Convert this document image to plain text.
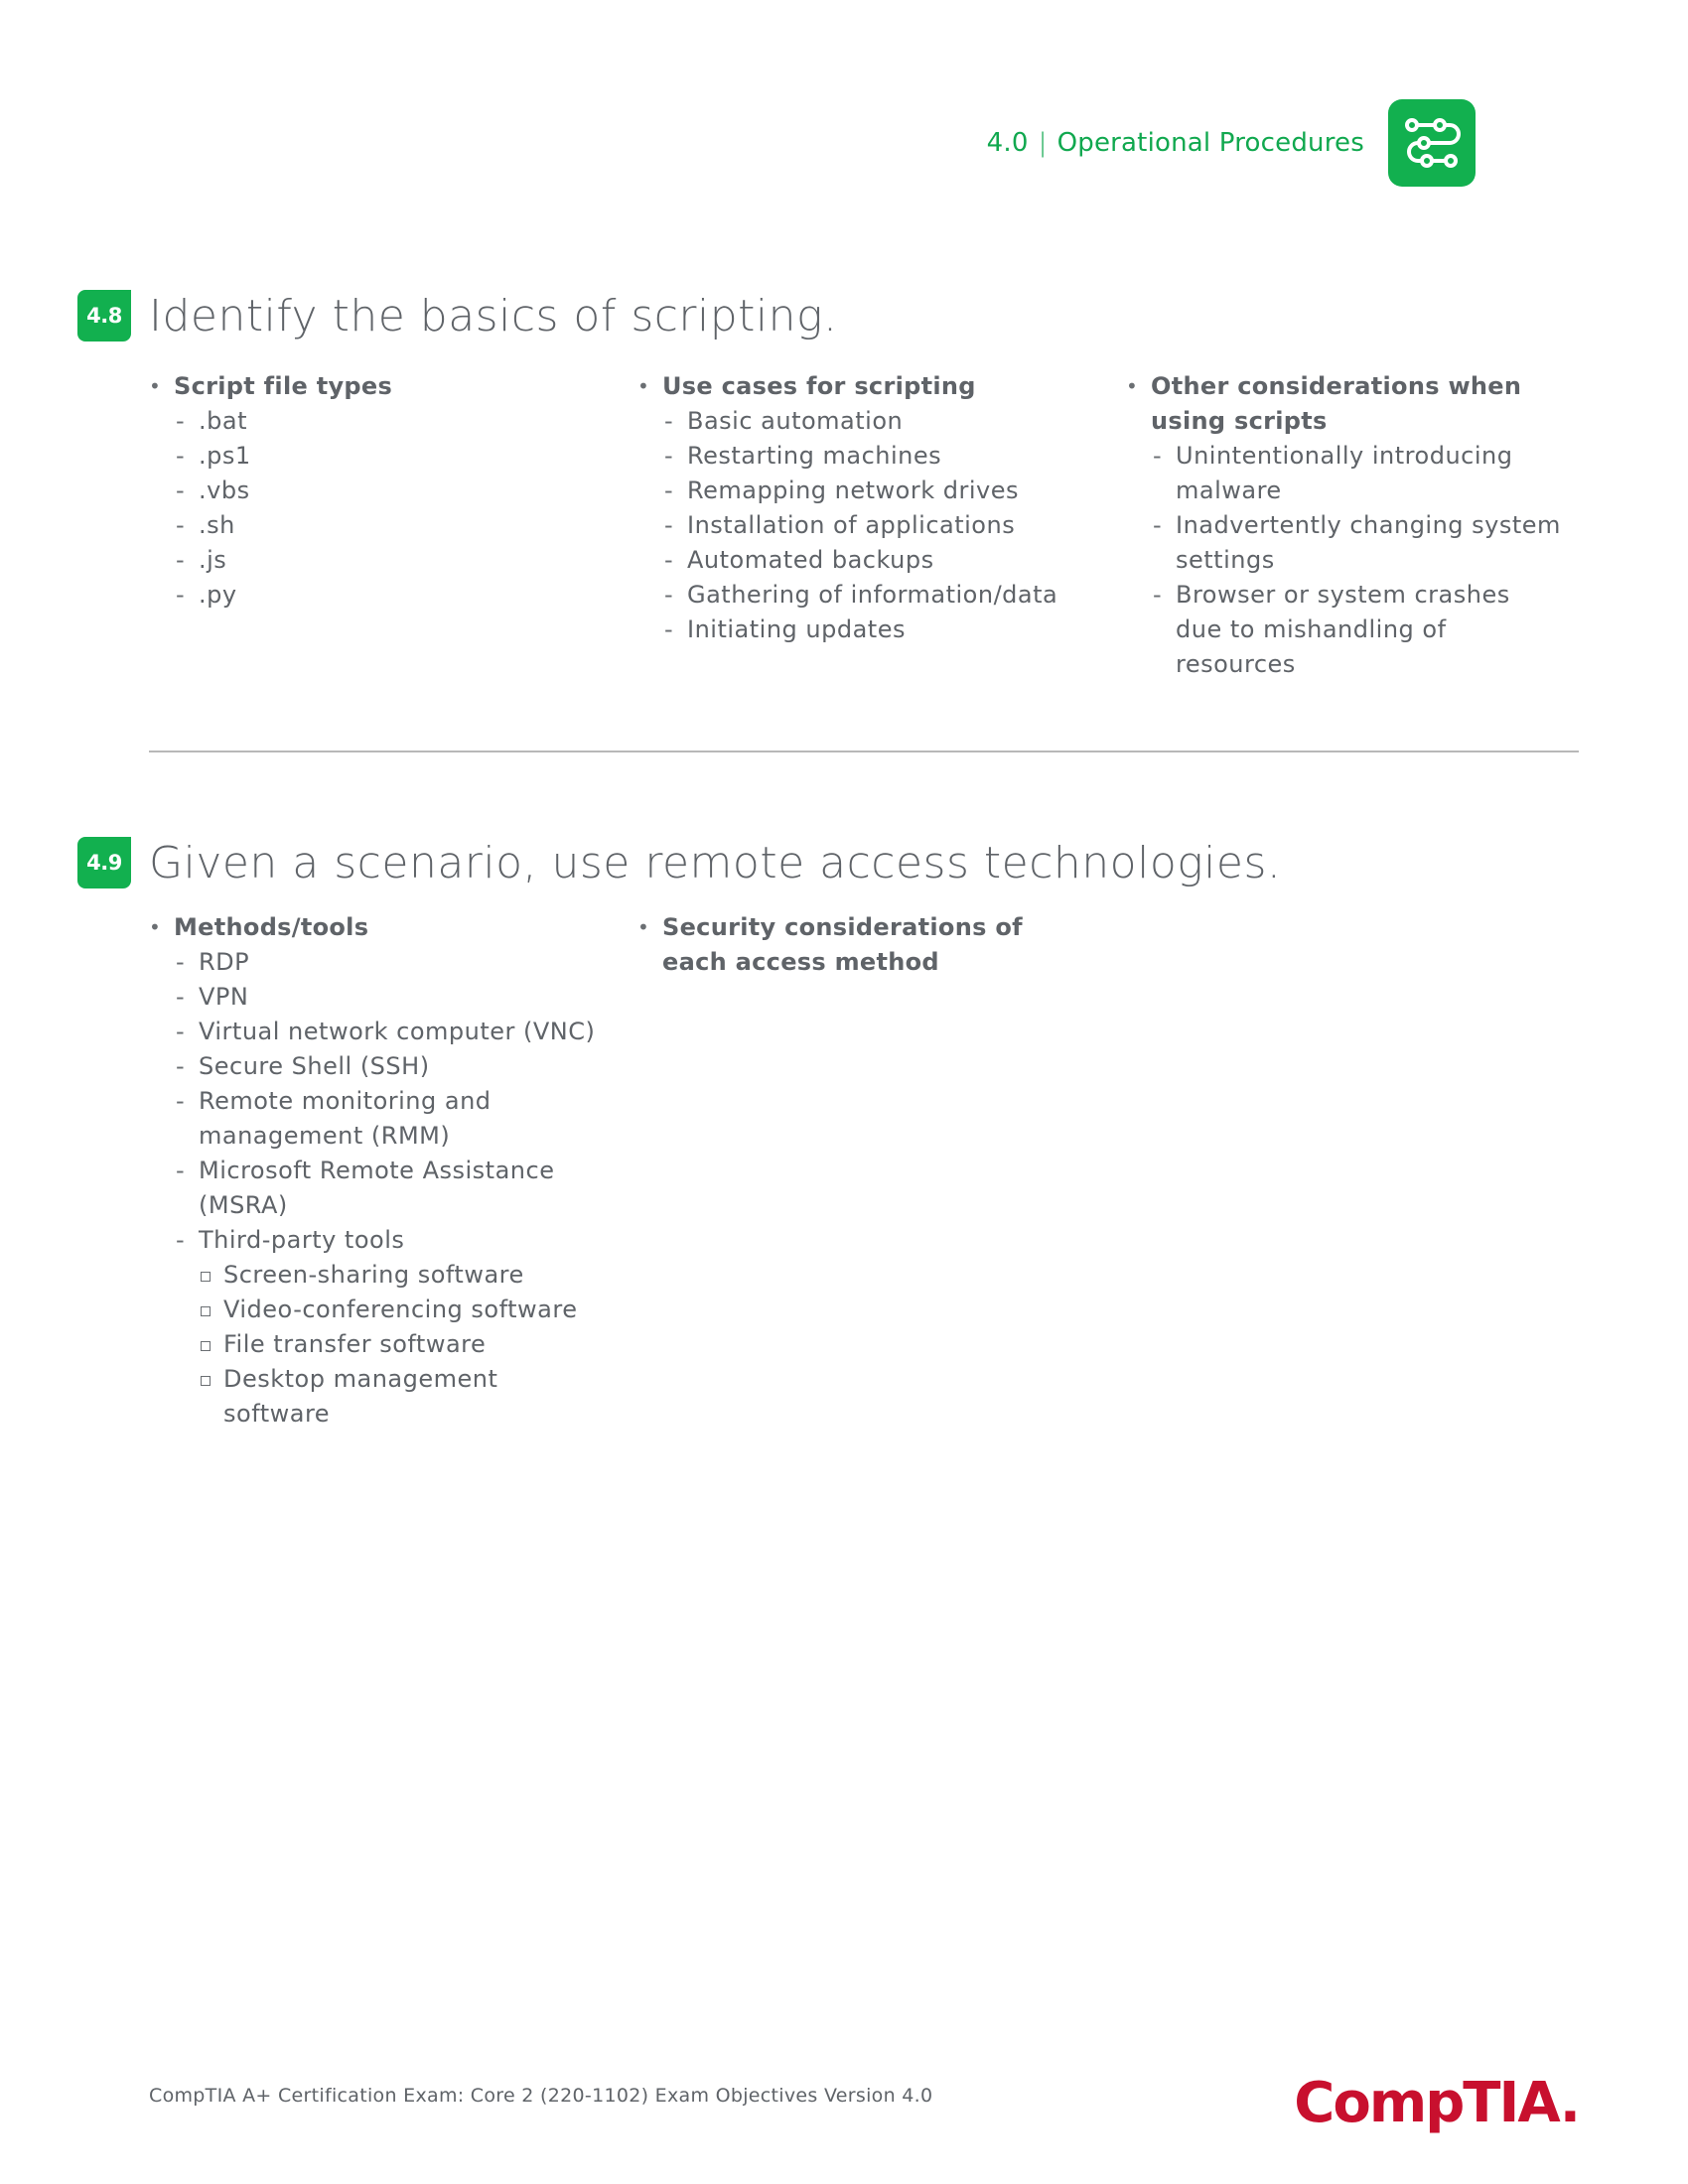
4.0 | Operational Procedures
4.8 Identify the basics of scripting.
• Script file types
- .bat
- .ps1
- .vbs
- .sh
- .js
- .py
• Use cases for scripting
- Basic automation
- Restarting machines
- Remapping network drives
- Installation of applications
- Automated backups
- Gathering of information/data
- Initiating updates
• Other considerations when using scripts
- Unintentionally introducing malware
- Inadvertently changing system settings
- Browser or system crashes due to mishandling of resources
4.9 Given a scenario, use remote access technologies.
• Methods/tools
- RDP
- VPN
- Virtual network computer (VNC)
- Secure Shell (SSH)
- Remote monitoring and management (RMM)
- Microsoft Remote Assistance (MSRA)
- Third-party tools
Screen-sharing software
Video-conferencing software
File transfer software
Desktop management software
• Security considerations of each access method
CompTIA A+ Certification Exam: Core 2 (220-1102) Exam Objectives Version 4.0	CompTIA.
